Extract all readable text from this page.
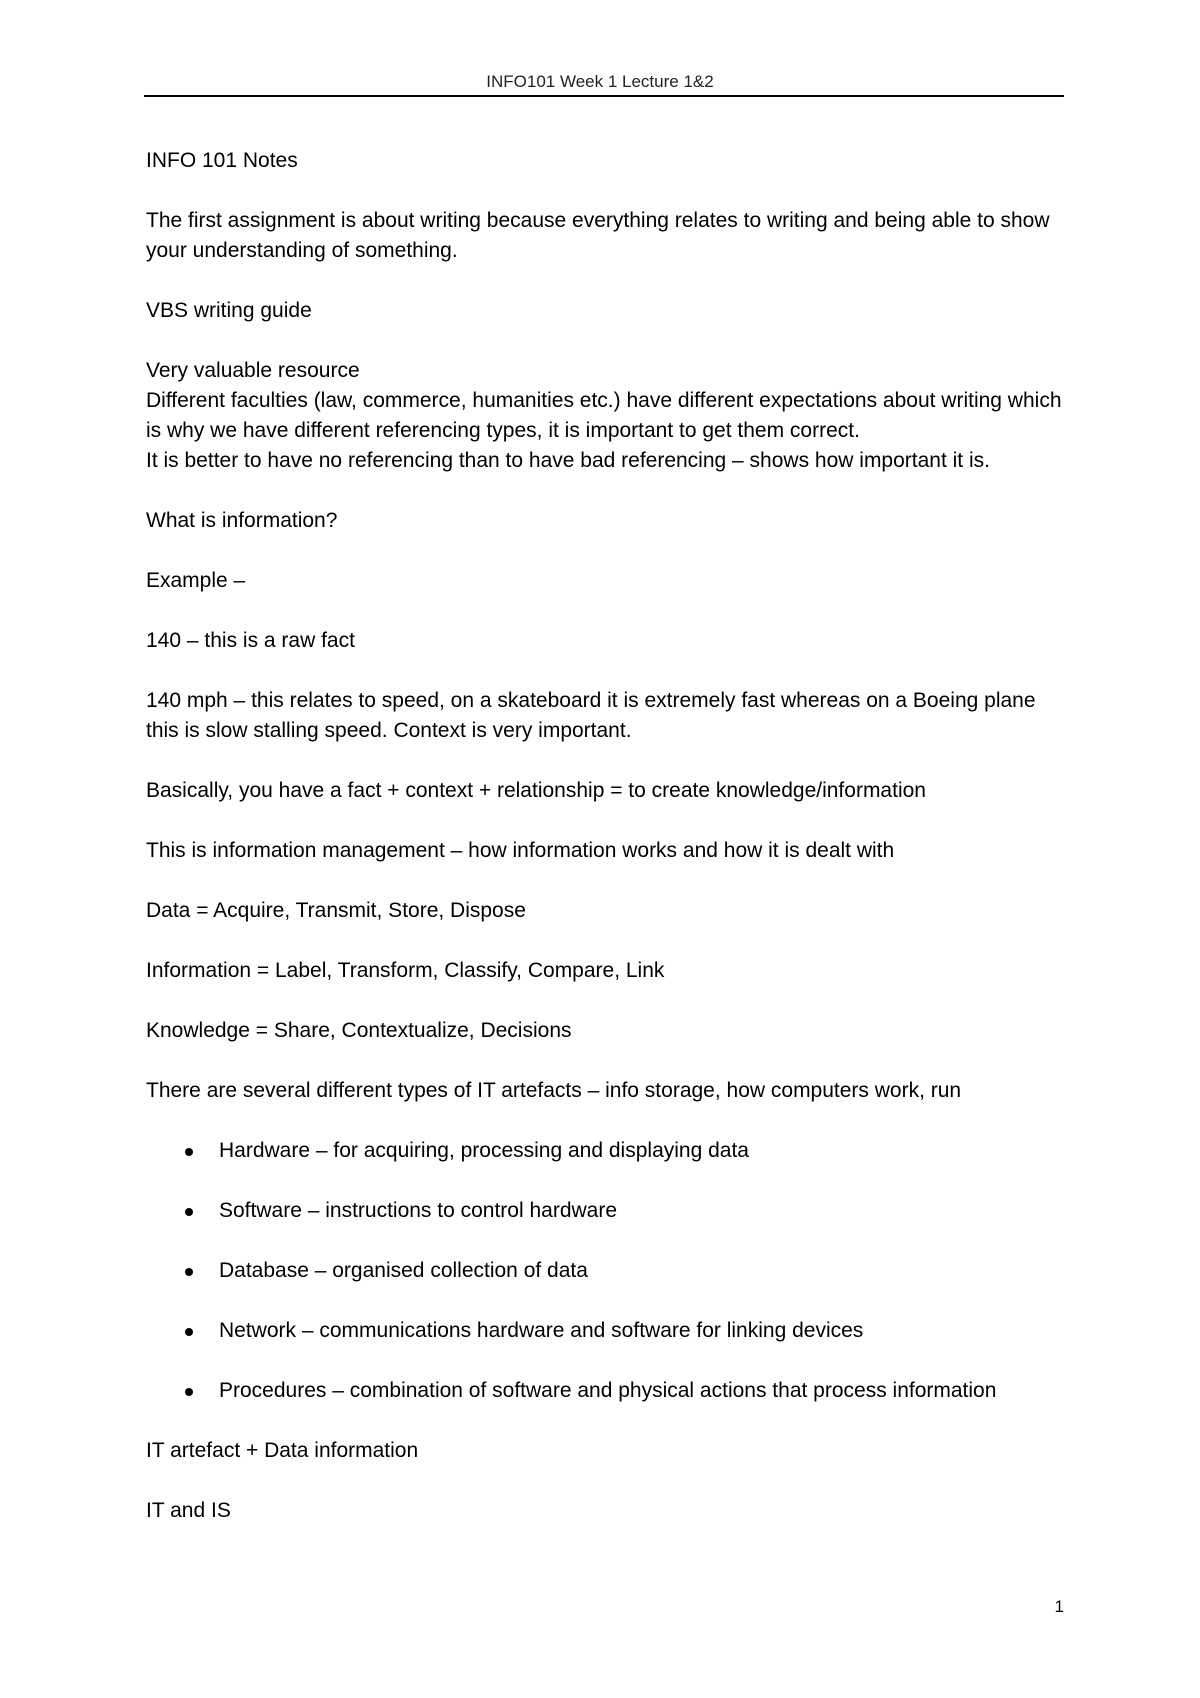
INFO101 Week 1 Lecture 1&2

INFO 101 Notes

The first assignment is about writing because everything relates to writing and being able to show your understanding of something.

VBS writing guide

Very valuable resource

Different faculties (law, commerce, humanities etc.) have different expectations about writing which is why we have different referencing types, it is important to get them correct.

It is better to have no referencing than to have bad referencing – shows how important it is.

What is information?

Example –

140 – this is a raw fact

140 mph – this relates to speed, on a skateboard it is extremely fast whereas on a Boeing plane this is slow stalling speed. Context is very important.

Basically, you have a fact + context + relationship = to create knowledge/information

This is information management – how information works and how it is dealt with

Data = Acquire, Transmit, Store, Dispose

Information = Label, Transform, Classify, Compare, Link

Knowledge = Share, Contextualize, Decisions

There are several different types of IT artefacts – info storage, how computers work, run

Hardware – for acquiring, processing and displaying data
Software – instructions to control hardware
Database – organised collection of data
Network – communications hardware and software for linking devices
Procedures – combination of software and physical actions that process information

IT artefact + Data information

IT and IS

1
